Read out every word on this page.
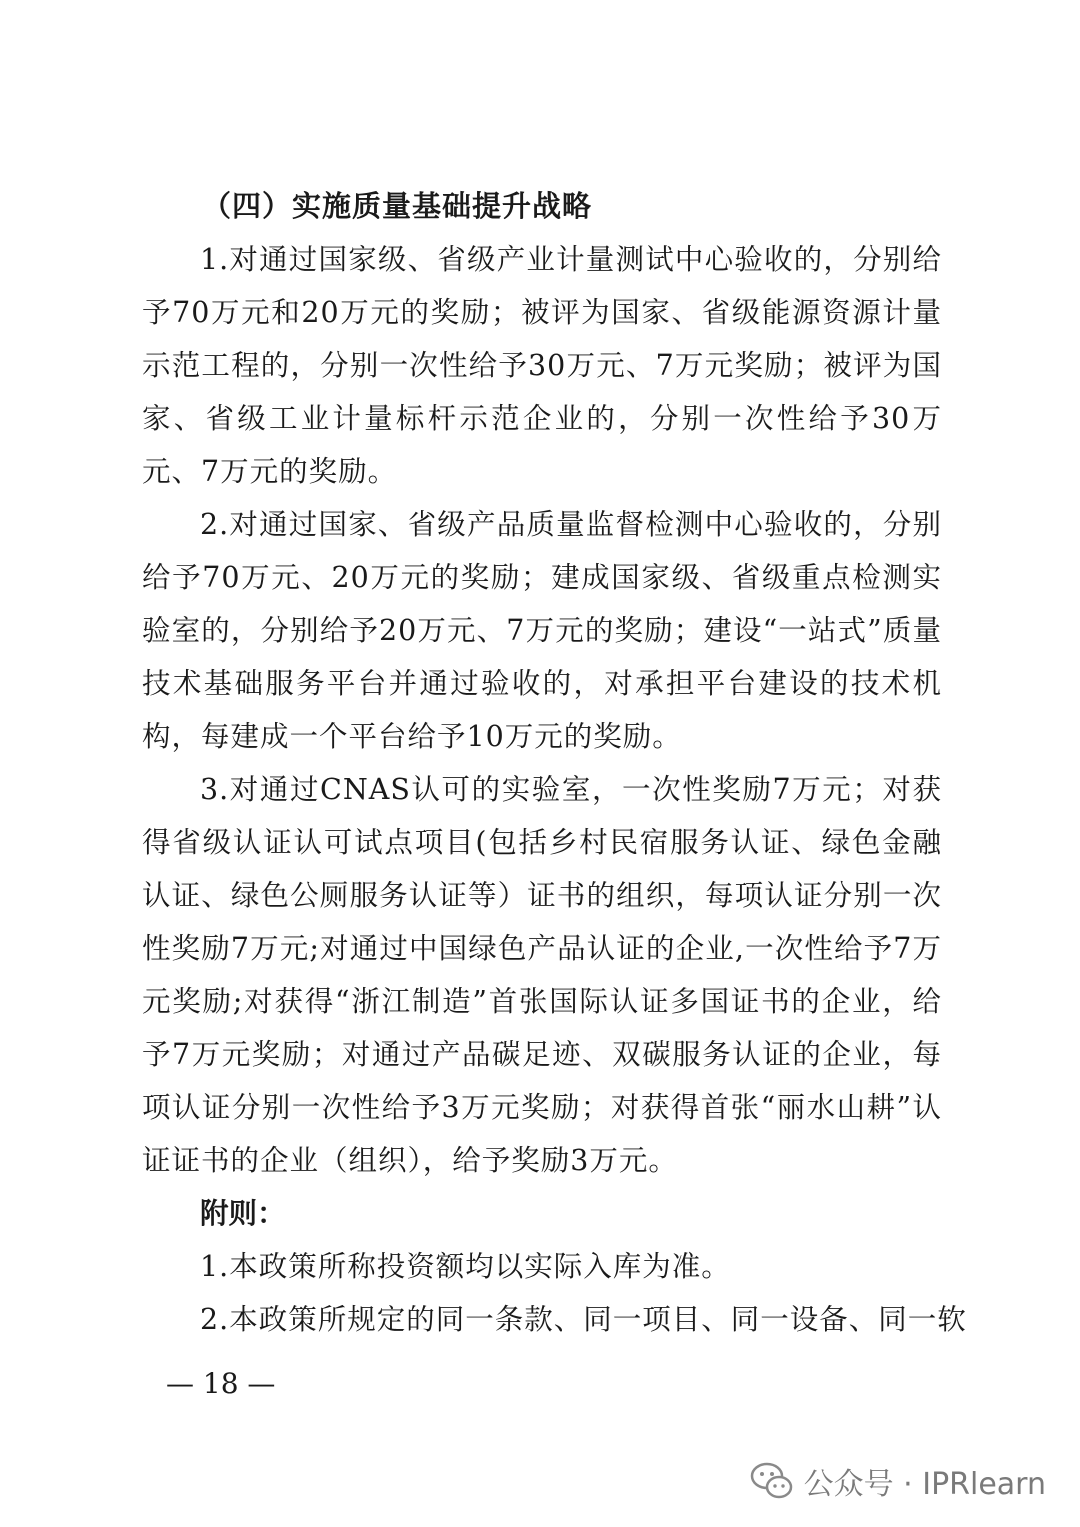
（四）实施质量基础提升战略

1.对通过国家级、省级产业计量测试中心验收的，分别给予70万元和20万元的奖励；被评为国家、省级能源资源计量示范工程的，分别一次性给予30万元、7万元奖励；被评为国家、省级工业计量标杆示范企业的，分别一次性给予30万元、7万元的奖励。

2.对通过国家、省级产品质量监督检测中心验收的，分别给予70万元、20万元的奖励；建成国家级、省级重点检测实验室的，分别给予20万元、7万元的奖励；建设“一站式”质量技术基础服务平台并通过验收的，对承担平台建设的技术机构，每建成一个平台给予10万元的奖励。

3.对通过CNAS认可的实验室，一次性奖励7万元；对获得省级认证认可试点项目(包括乡村民宿服务认证、绿色金融认证、绿色公厕服务认证等）证书的组织，每项认证分别一次性奖励7万元;对通过中国绿色产品认证的企业,一次性给予7万元奖励;对获得“浙江制造”首张国际认证多国证书的企业，给予7万元奖励；对通过产品碳足迹、双碳服务认证的企业，每项认证分别一次性给予3万元奖励；对获得首张“丽水山耕”认证证书的企业（组织），给予奖励3万元。

附则：

1.本政策所称投资额均以实际入库为准。

2.本政策所规定的同一条款、同一项目、同一设备、同一软

— 18 —
公众号 · IPRlearn
